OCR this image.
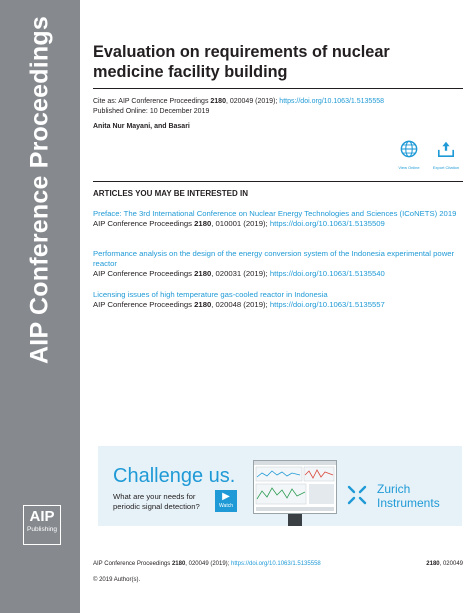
AIP Conference Proceedings
AIP
Publishing
Evaluation on requirements of nuclear medicine facility building
Cite as: AIP Conference Proceedings 2180, 020049 (2019); https://doi.org/10.1063/1.5135558
Published Online: 10 December 2019
Anita Nur Mayani, and Basari
View Online	Export Citation
ARTICLES YOU MAY BE INTERESTED IN
Preface: The 3rd International Conference on Nuclear Energy Technologies and Sciences (ICoNETS) 2019
AIP Conference Proceedings 2180, 010001 (2019); https://doi.org/10.1063/1.5135509
Performance analysis on the design of the energy conversion system of the Indonesia experimental power reactor
AIP Conference Proceedings 2180, 020031 (2019); https://doi.org/10.1063/1.5135540
Licensing issues of high temperature gas-cooled reactor in Indonesia
AIP Conference Proceedings 2180, 020048 (2019); https://doi.org/10.1063/1.5135557
Challenge us.
What are your needs for
periodic signal detection?
▶
Watch
Zurich
Instruments
AIP Conference Proceedings 2180, 020049 (2019); https://doi.org/10.1063/1.5135558	2180, 020049
© 2019 Author(s).
